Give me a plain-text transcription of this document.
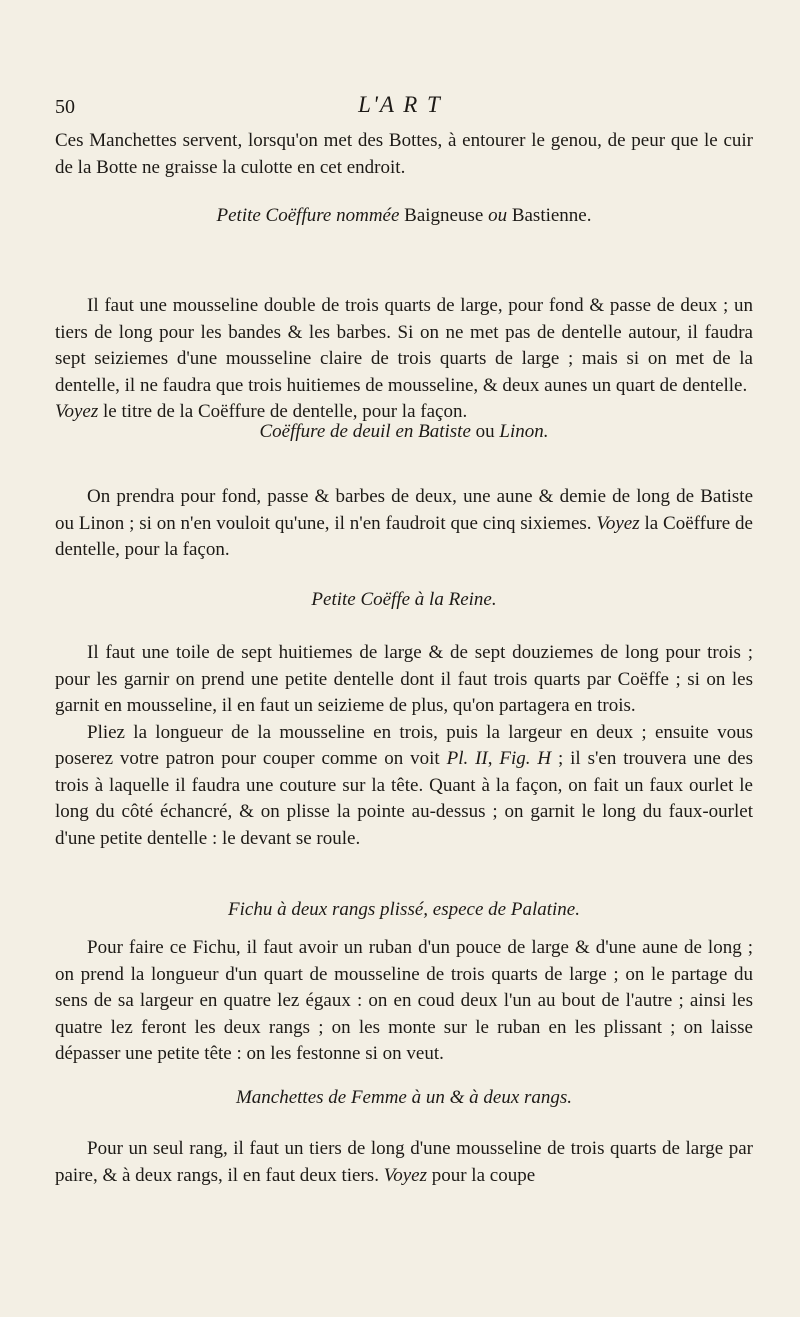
50	L'A R T

Ces Manchettes servent, lorsqu'on met des Bottes, à entourer le genou, de peur que le cuir de la Botte ne graisse la culotte en cet endroit.

Petite Coëffure nommée Baigneuse ou Bastienne.

Il faut une mousseline double de trois quarts de large, pour fond & passe de deux ; un tiers de long pour les bandes & les barbes. Si on ne met pas de dentelle autour, il faudra sept seiziemes d'une mousseline claire de trois quarts de large ; mais si on met de la dentelle, il ne faudra que trois huitiemes de mousseline, & deux aunes un quart de dentelle.

Voyez le titre de la Coëffure de dentelle, pour la façon.

Coëffure de deuil en Batiste ou Linon.

On prendra pour fond, passe & barbes de deux, une aune & demie de long de Batiste ou Linon ; si on n'en vouloit qu'une, il n'en faudroit que cinq sixiemes. Voyez la Coëffure de dentelle, pour la façon.

Petite Coëffe à la Reine.

Il faut une toile de sept huitiemes de large & de sept douziemes de long pour trois ; pour les garnir on prend une petite dentelle dont il faut trois quarts par Coëffe ; si on les garnit en mousseline, il en faut un seizieme de plus, qu'on partagera en trois.

Pliez la longueur de la mousseline en trois, puis la largeur en deux ; ensuite vous poserez votre patron pour couper comme on voit Pl. II, Fig. H ; il s'en trouvera une des trois à laquelle il faudra une couture sur la tête. Quant à la façon, on fait un faux ourlet le long du côté échancré, & on plisse la pointe au-dessus ; on garnit le long du faux-ourlet d'une petite dentelle : le devant se roule.

Fichu à deux rangs plissé, espece de Palatine.

Pour faire ce Fichu, il faut avoir un ruban d'un pouce de large & d'une aune de long ; on prend la longueur d'un quart de mousseline de trois quarts de large ; on le partage du sens de sa largeur en quatre lez égaux : on en coud deux l'un au bout de l'autre ; ainsi les quatre lez feront les deux rangs ; on les monte sur le ruban en les plissant ; on laisse dépasser une petite tête : on les festonne si on veut.

Manchettes de Femme à un & à deux rangs.

Pour un seul rang, il faut un tiers de long d'une mousseline de trois quarts de large par paire, & à deux rangs, il en faut deux tiers. Voyez pour la coupe
